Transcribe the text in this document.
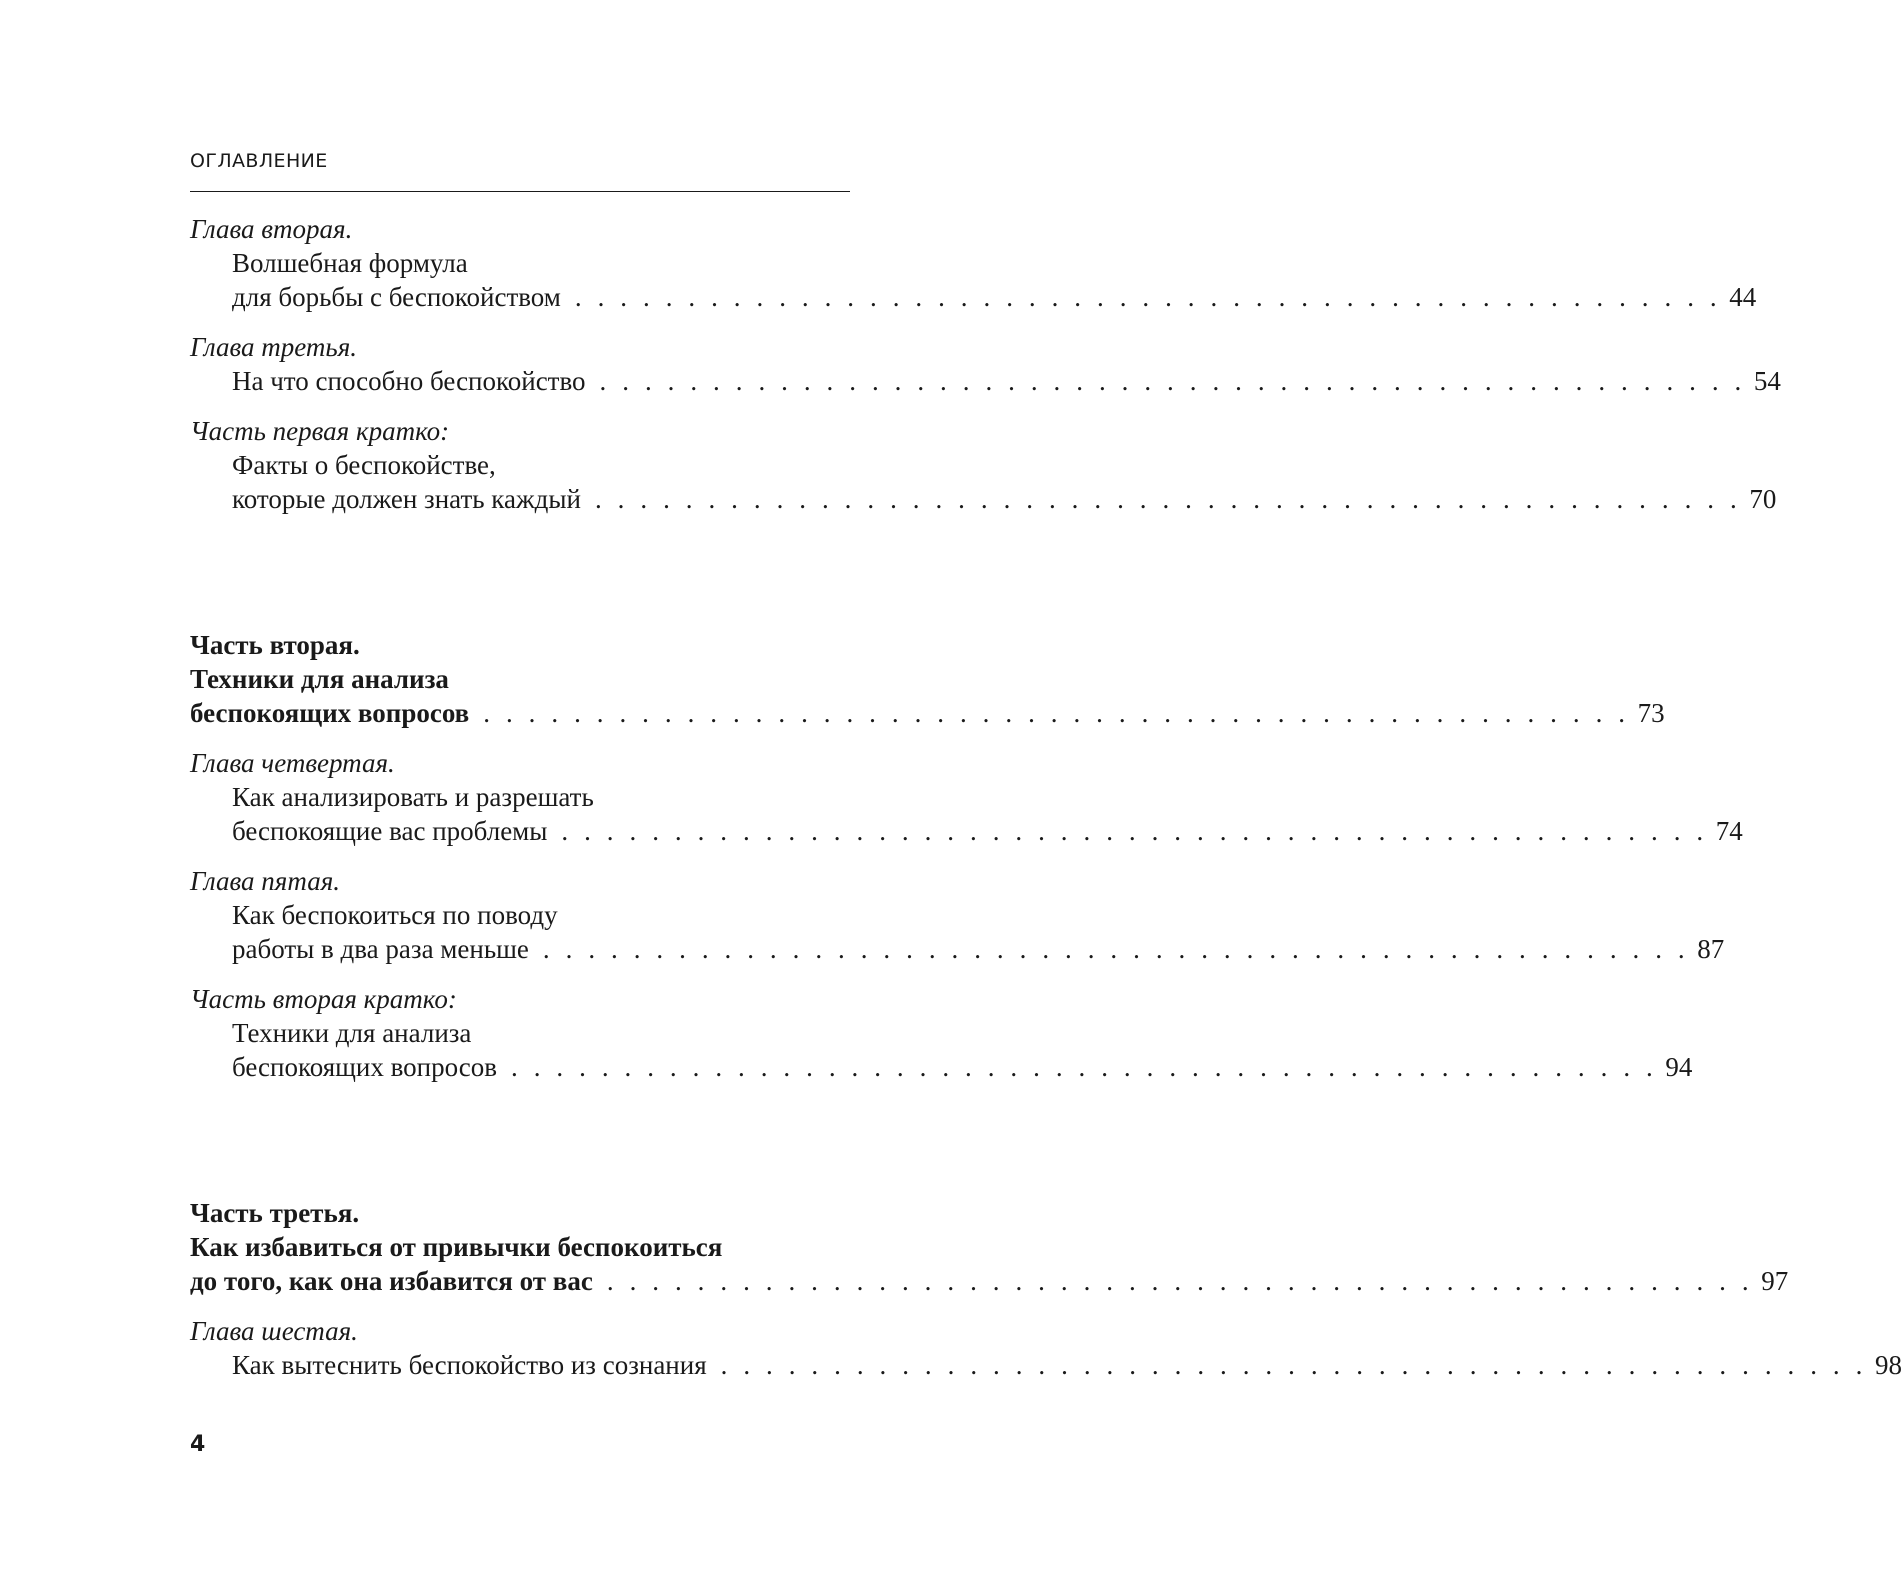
ОГЛАВЛЕНИЕ
Глава вторая.
Волшебная формула
для борьбы с беспокойством . . . . . . . . . . . . . . . . . . . . . . . . . . . . . . . . . . . . . . . . . . . . . . . . . . . 44
Глава третья.
На что способно беспокойство . . . . . . . . . . . . . . . . . . . . . . . . . . . . . . . . . . . . . . . . . . . . . . . . . . . 54
Часть первая кратко:
Факты о беспокойстве,
которые должен знать каждый . . . . . . . . . . . . . . . . . . . . . . . . . . . . . . . . . . . . . . . . . . . . . . . . . . . 70
Часть вторая.
Техники для анализа
беспокоящих вопросов . . . . . . . . . . . . . . . . . . . . . . . . . . . . . . . . . . . . . . . . . . . . . . . . . . . 73
Глава четвертая.
Как анализировать и разрешать
беспокоящие вас проблемы . . . . . . . . . . . . . . . . . . . . . . . . . . . . . . . . . . . . . . . . . . . . . . . . . . . 74
Глава пятая.
Как беспокоиться по поводу
работы в два раза меньше . . . . . . . . . . . . . . . . . . . . . . . . . . . . . . . . . . . . . . . . . . . . . . . . . . . 87
Часть вторая кратко:
Техники для анализа
беспокоящих вопросов . . . . . . . . . . . . . . . . . . . . . . . . . . . . . . . . . . . . . . . . . . . . . . . . . . . 94
Часть третья.
Как избавиться от привычки беспокоиться
до того, как она избавится от вас . . . . . . . . . . . . . . . . . . . . . . . . . . . . . . . . . . . . . . . . . . . . . . . . . . . 97
Глава шестая.
Как вытеснить беспокойство из сознания . . . . . . . . . . . . . . . . . . . . . . . . . . . . . . . . . . . . . . . . . . . . . . . . . . . 98
4
